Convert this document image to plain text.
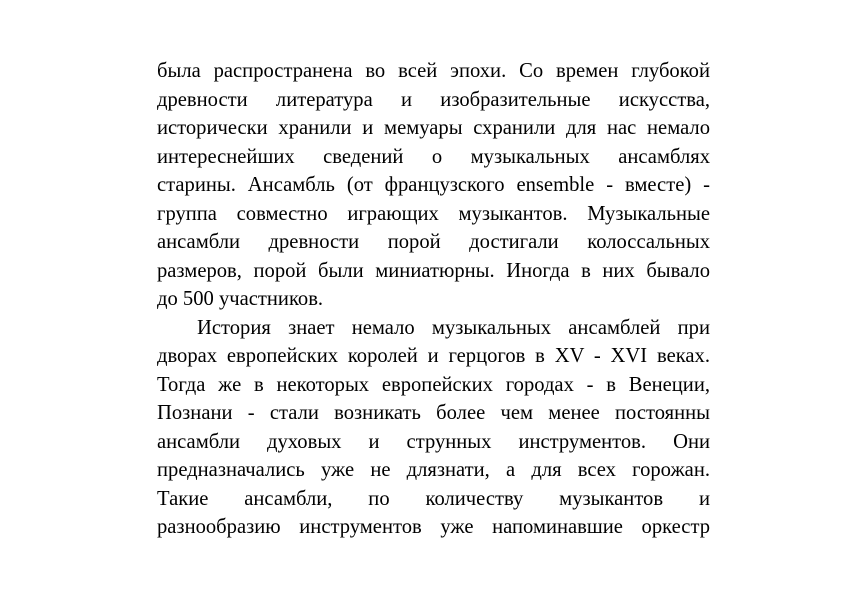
была распространена во всей эпохи. Со времен глубокой
древности литература и изобразительные искусства,
исторически хранили и мемуары схранили для нас немало
интереснейших сведений о музыкальных ансамблях
старины. Ансамбль (от французского ensemble - вместе) -
группа совместно играющих музыкантов. Музыкальные
ансамбли древности порой достигали колоссальных
размеров, порой были миниатюрны. Иногда в них бывало
до 500 участников.
История знает немало музыкальных ансамблей при
дворах европейских королей и герцогов в XV - XVI веках.
Тогда же в некоторых европейских городах - в Венеции,
Познани - стали возникать более чем менее постоянны
ансамбли духовых и струнных инструментов. Они
предназначались уже не длязнати, а для всех горожан.
Такие ансамбли, по количеству музыкантов и
разнообразию инструментов уже напоминавшие оркестр
